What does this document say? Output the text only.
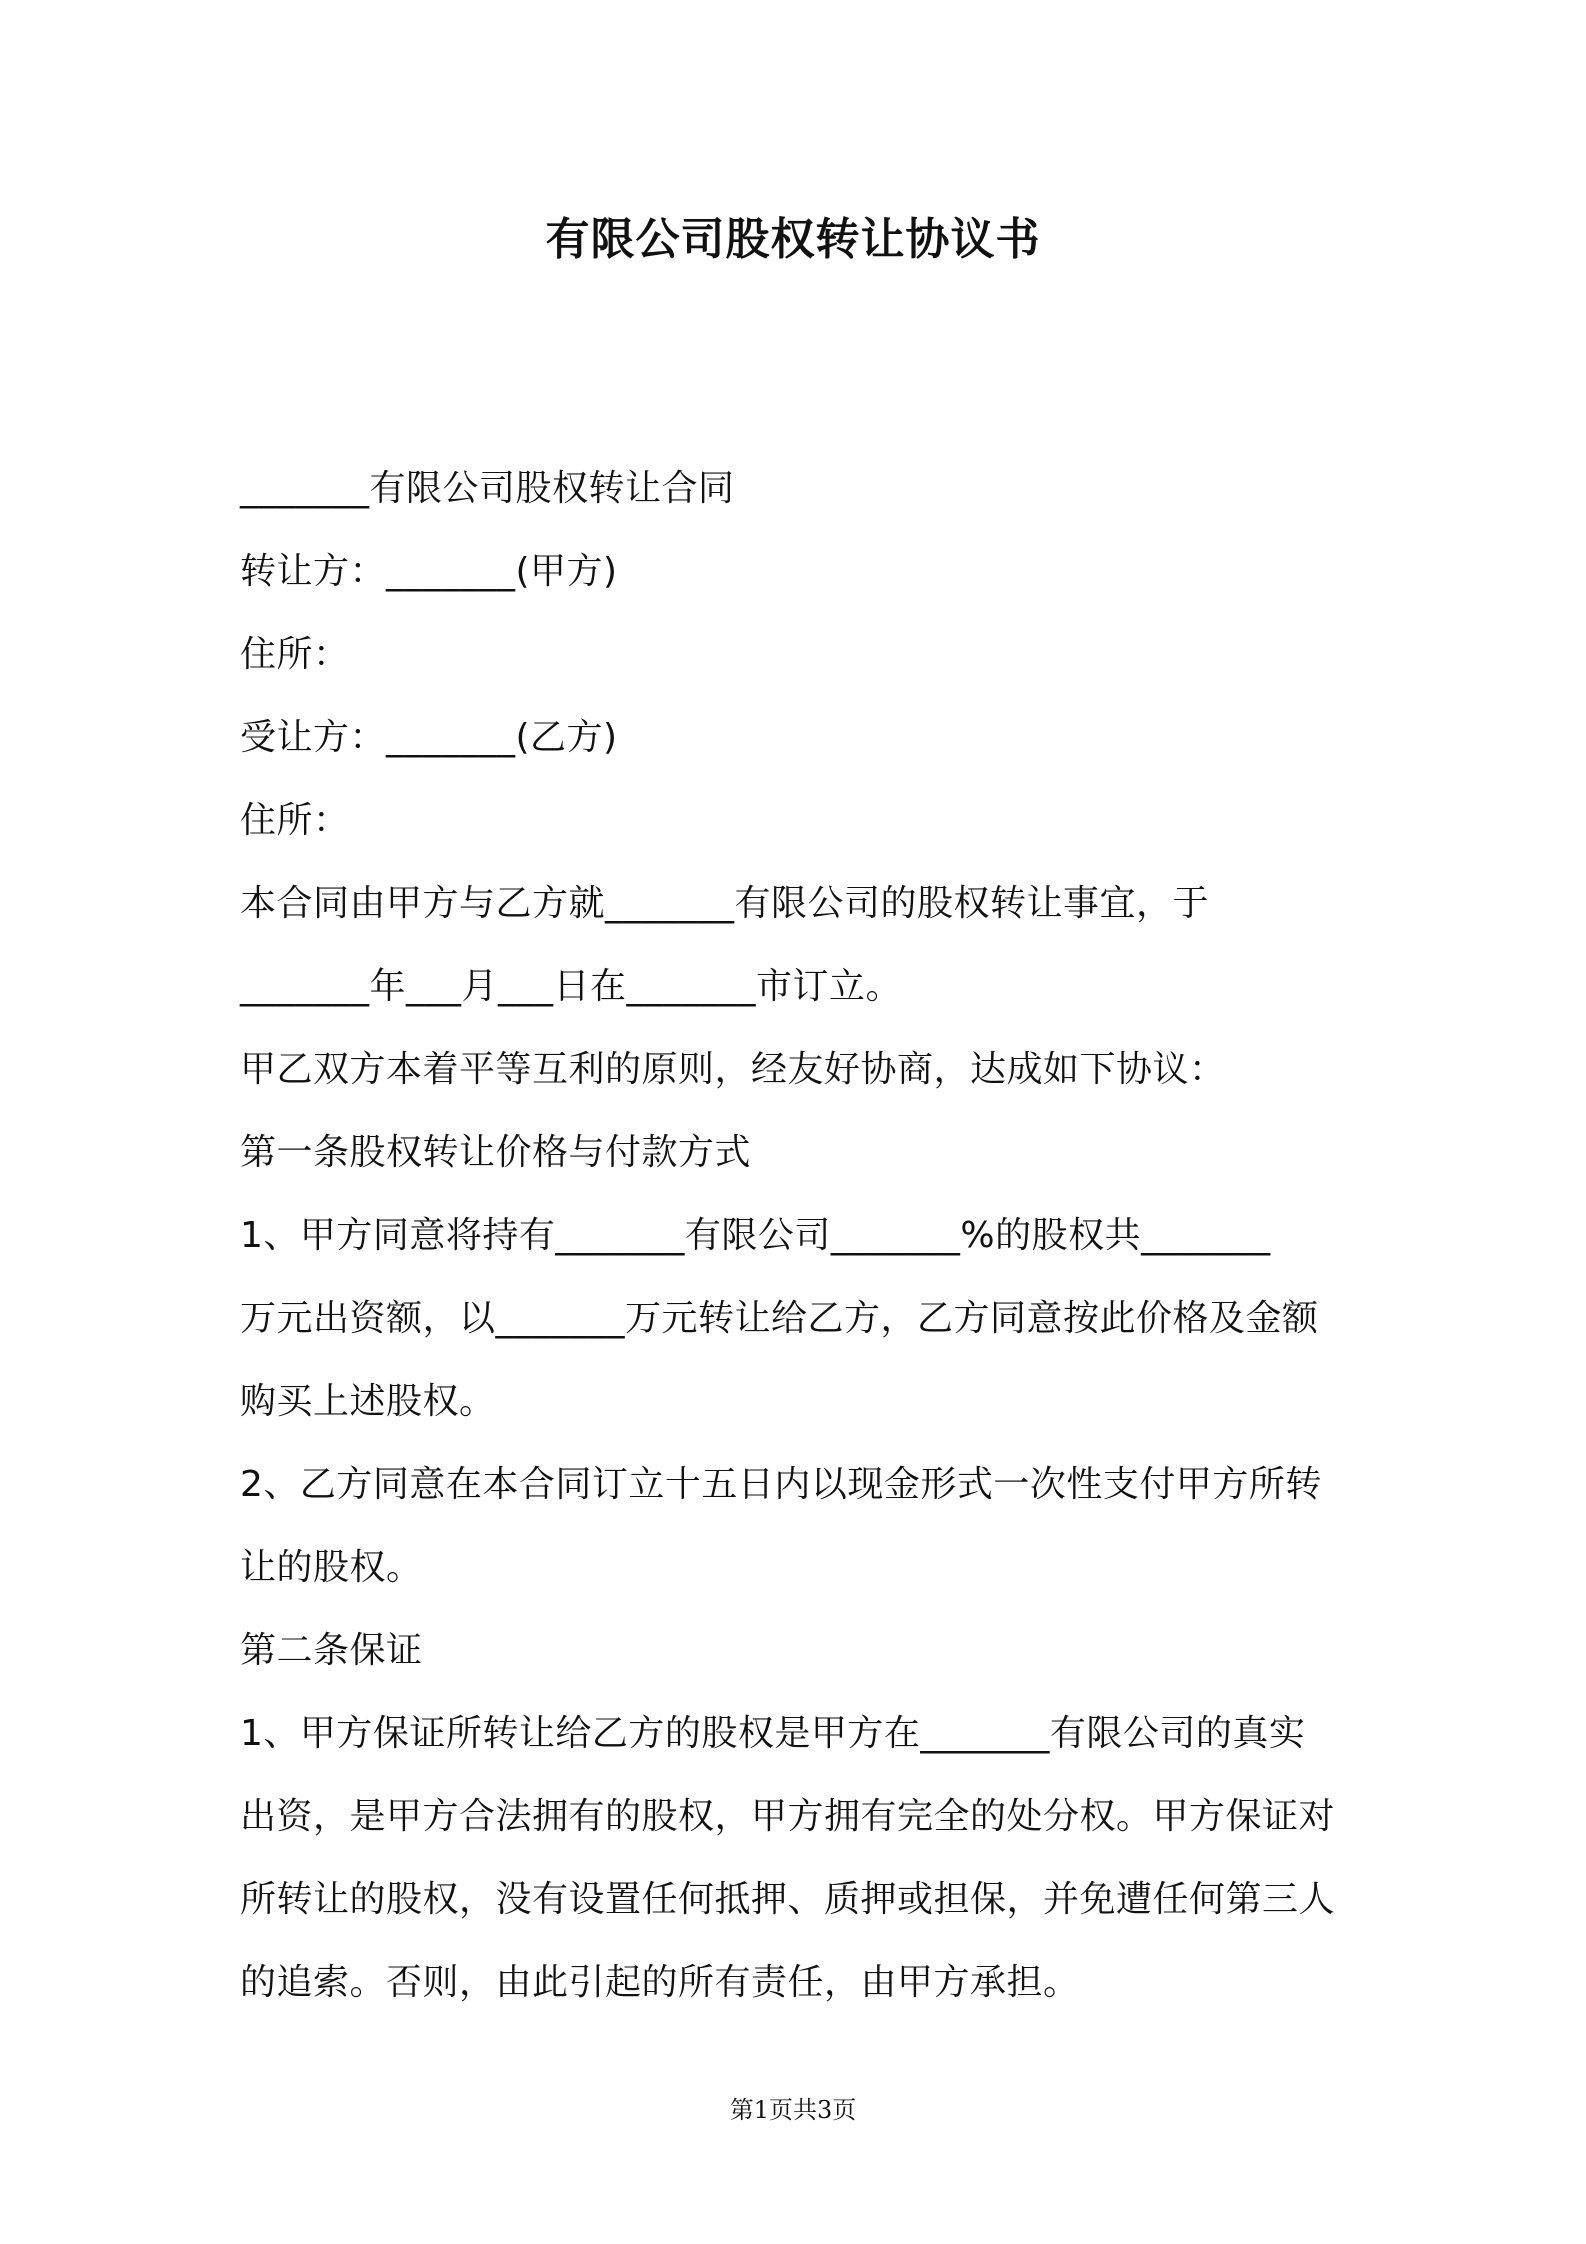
有限公司股权转让协议书
_______有限公司股权转让合同
转让方：_______(甲方)
住所：
受让方：_______(乙方)
住所：
本合同由甲方与乙方就_______有限公司的股权转让事宜，于
_______年___月___日在_______市订立。
甲乙双方本着平等互利的原则，经友好协商，达成如下协议：
第一条股权转让价格与付款方式
1、甲方同意将持有_______有限公司_______%的股权共_______
万元出资额，以_______万元转让给乙方，乙方同意按此价格及金额
购买上述股权。
2、乙方同意在本合同订立十五日内以现金形式一次性支付甲方所转
让的股权。
第二条保证
1、甲方保证所转让给乙方的股权是甲方在_______有限公司的真实
出资，是甲方合法拥有的股权，甲方拥有完全的处分权。甲方保证对
所转让的股权，没有设置任何抵押、质押或担保，并免遭任何第三人
的追索。否则，由此引起的所有责任，由甲方承担。
第1页共3页
